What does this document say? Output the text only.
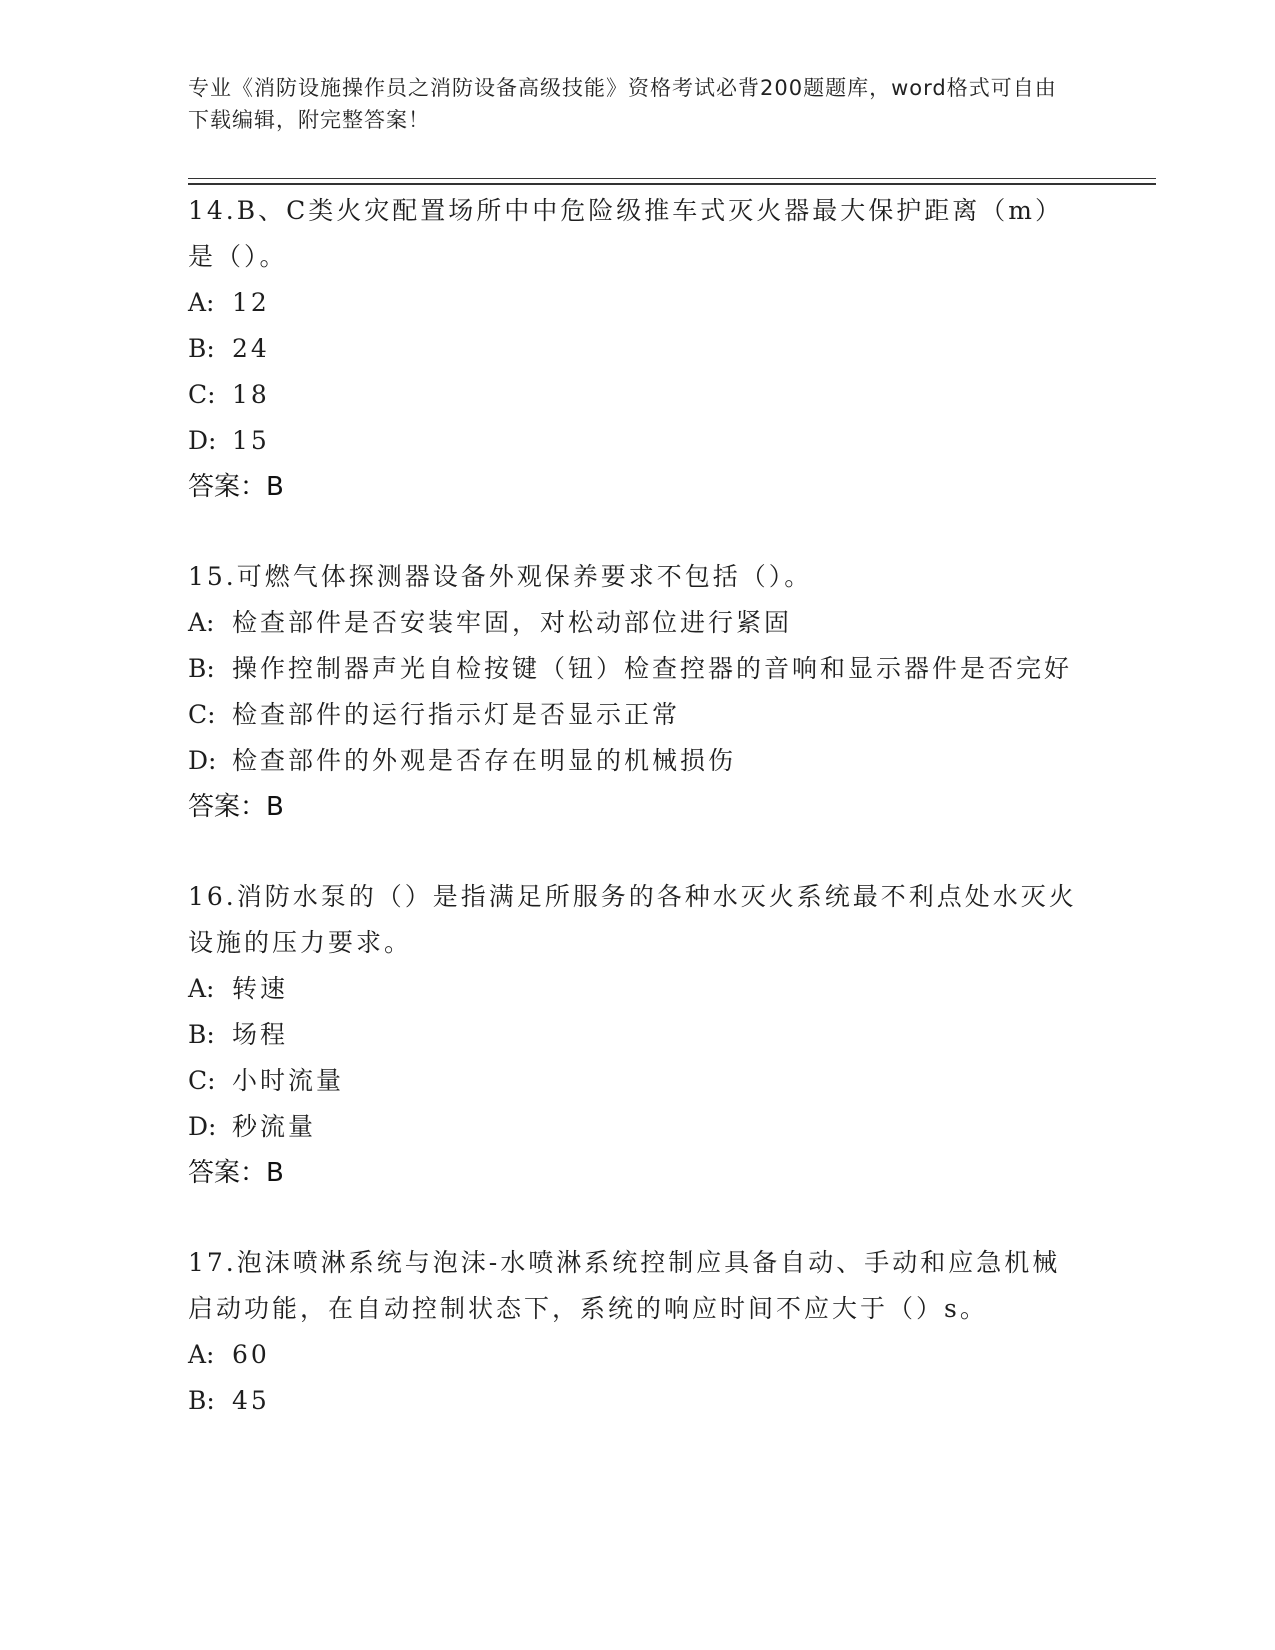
专业《消防设施操作员之消防设备高级技能》资格考试必背200题题库，word格式可自由下载编辑，附完整答案！
14.B、C类火灾配置场所中中危险级推车式灭火器最大保护距离（m）是（）。
A: 12
B: 24
C: 18
D: 15
答案：B
15.可燃气体探测器设备外观保养要求不包括（）。
A: 检查部件是否安装牢固，对松动部位进行紧固
B: 操作控制器声光自检按键（钮）检查控器的音响和显示器件是否完好
C: 检查部件的运行指示灯是否显示正常
D: 检查部件的外观是否存在明显的机械损伤
答案：B
16.消防水泵的（）是指满足所服务的各种水灭火系统最不利点处水灭火设施的压力要求。
A: 转速
B: 场程
C: 小时流量
D: 秒流量
答案：B
17.泡沫喷淋系统与泡沫-水喷淋系统控制应具备自动、手动和应急机械启动功能，在自动控制状态下，系统的响应时间不应大于（）s。
A: 60
B: 45
